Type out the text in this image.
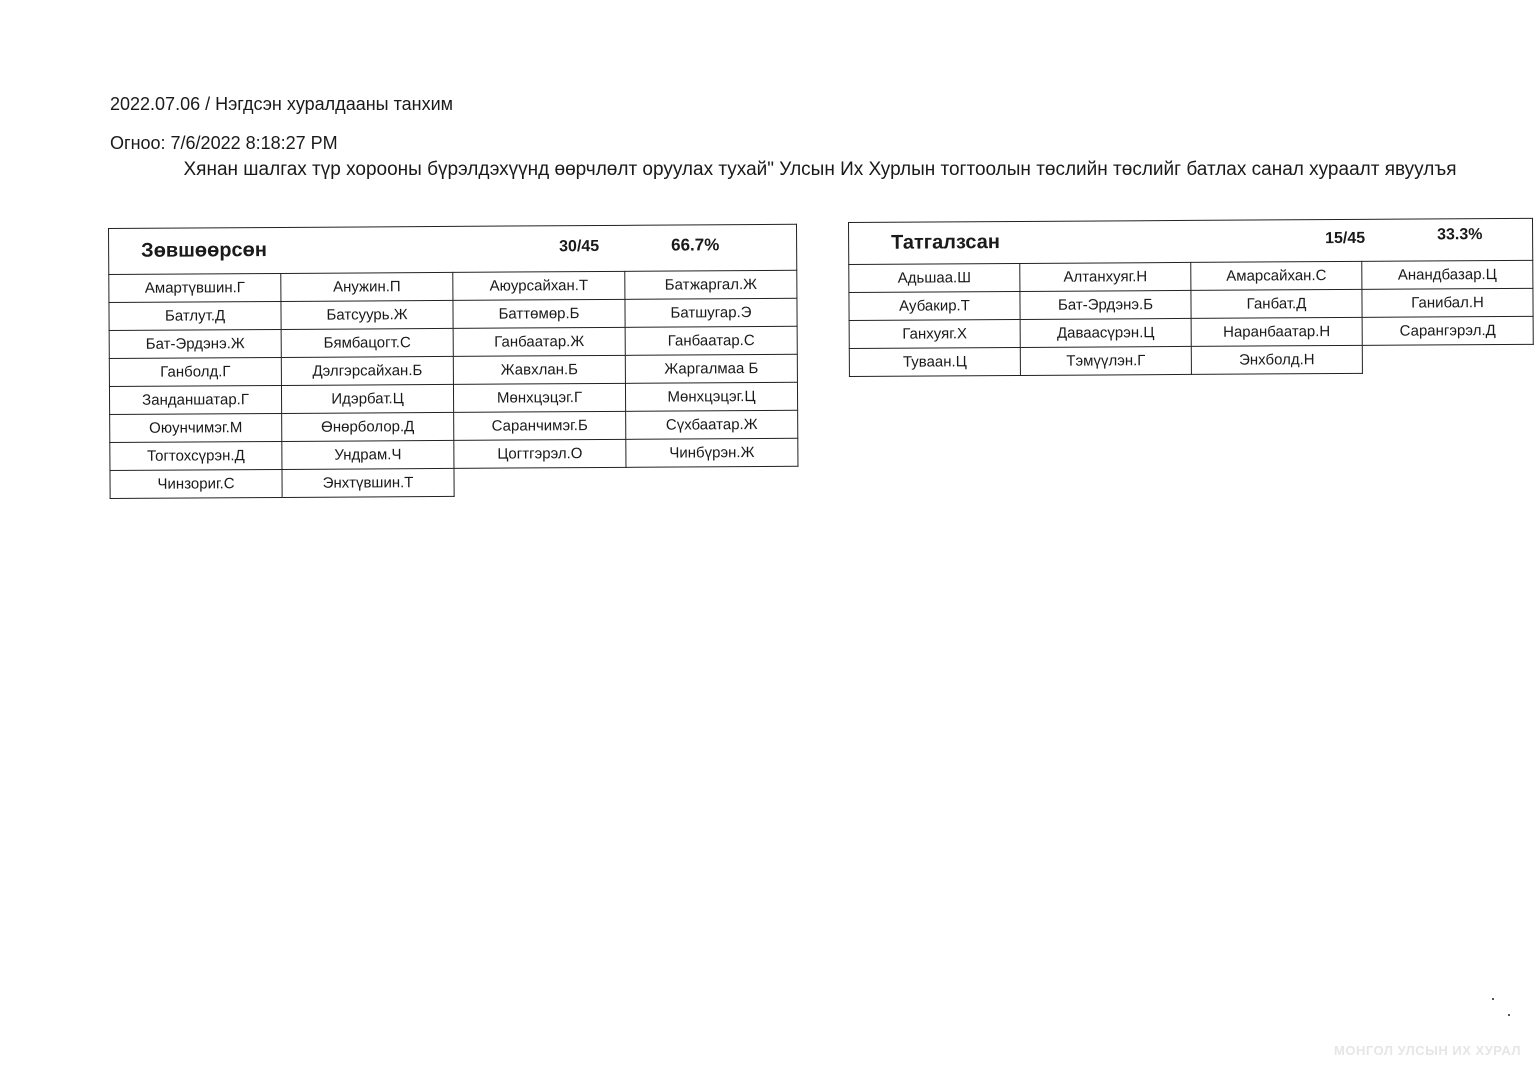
2022.07.06 / Нэгдсэн хуралдааны танхим
Огноо: 7/6/2022 8:18:27 PM
Хянан шалгах түр хорооны бүрэлдэхүүнд өөрчлөлт оруулах тухай" Улсын Их Хурлын тогтоолын төслийн төслийг батлах санал хураалт явуулъя
Зөвшөөрсөн 30/45 66.7%			

Амартүвшин.Г	Анужин.П	Аюурсайхан.Т	Батжаргал.Ж
Батлут.Д	Батсуурь.Ж	Баттөмөр.Б	Батшугар.Э
Бат-Эрдэнэ.Ж	Бямбацогт.С	Ганбаатар.Ж	Ганбаатар.С
Ганболд.Г	Дэлгэрсайхан.Б	Жавхлан.Б	Жаргалмаа Б
Занданшатар.Г	Идэрбат.Ц	Мөнхцэцэг.Г	Мөнхцэцэг.Ц
Оюунчимэг.М	Өнөрболор.Д	Саранчимэг.Б	Сүхбаатар.Ж
Тогтохсүрэн.Д	Ундрам.Ч	Цогтгэрэл.О	Чинбүрэн.Ж
Чинзориг.С	Энхтүвшин.Т		
Татгалзсан 15/45 33.3%			

Адьшаа.Ш	Алтанхуяг.Н	Амарсайхан.С	Анандбазар.Ц
Аубакир.Т	Бат-Эрдэнэ.Б	Ганбат.Д	Ганибал.Н
Ганхуяг.Х	Даваасүрэн.Ц	Наранбаатар.Н	Сарангэрэл.Д
Туваан.Ц	Тэмүүлэн.Г	Энхболд.Н	
МОНГОЛ УЛСЫН ИХ ХУРАЛ
